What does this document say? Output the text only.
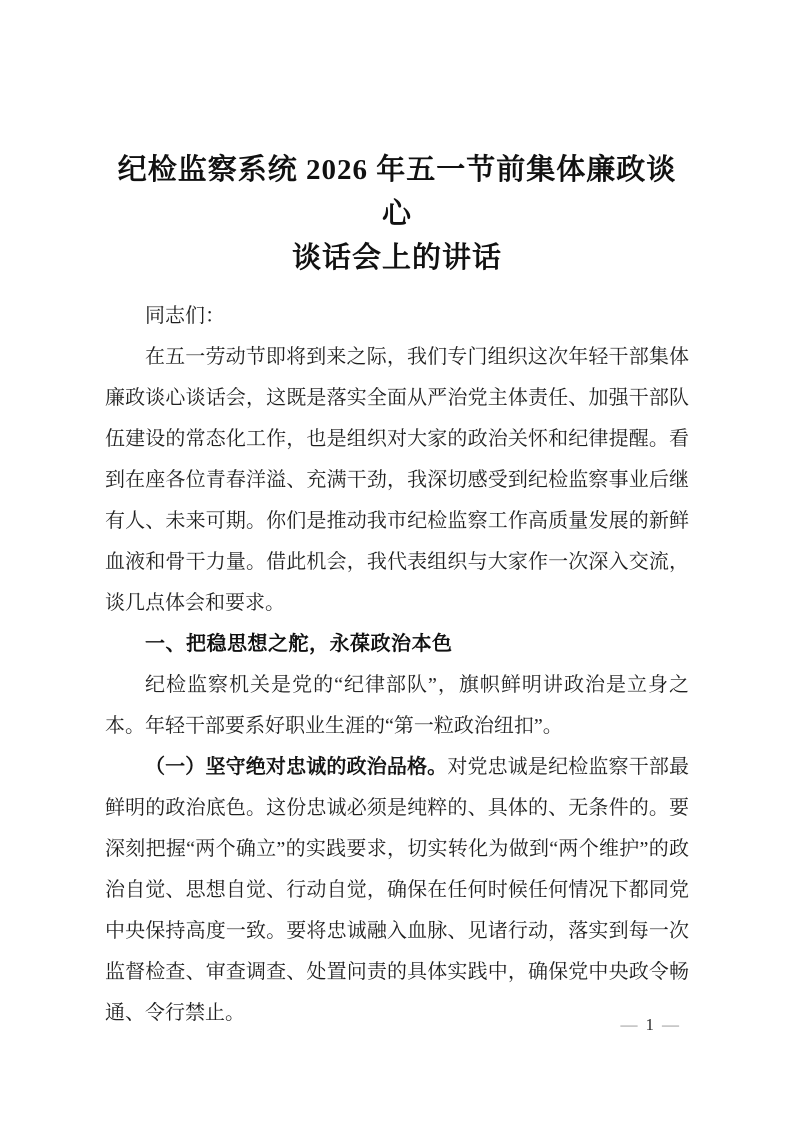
纪检监察系统 2026 年五一节前集体廉政谈心
谈话会上的讲话

同志们：

在五一劳动节即将到来之际，我们专门组织这次年轻干部集体廉政谈心谈话会，这既是落实全面从严治党主体责任、加强干部队伍建设的常态化工作，也是组织对大家的政治关怀和纪律提醒。看到在座各位青春洋溢、充满干劲，我深切感受到纪检监察事业后继有人、未来可期。你们是推动我市纪检监察工作高质量发展的新鲜血液和骨干力量。借此机会，我代表组织与大家作一次深入交流，谈几点体会和要求。

一、把稳思想之舵，永葆政治本色

纪检监察机关是党的“纪律部队”，旗帜鲜明讲政治是立身之本。年轻干部要系好职业生涯的“第一粒政治纽扣”。

（一）坚守绝对忠诚的政治品格。对党忠诚是纪检监察干部最鲜明的政治底色。这份忠诚必须是纯粹的、具体的、无条件的。要深刻把握“两个确立”的实践要求，切实转化为做到“两个维护”的政治自觉、思想自觉、行动自觉，确保在任何时候任何情况下都同党中央保持高度一致。要将忠诚融入血脉、见诸行动，落实到每一次监督检查、审查调查、处置问责的具体实践中，确保党中央政令畅通、令行禁止。

— 1 —
